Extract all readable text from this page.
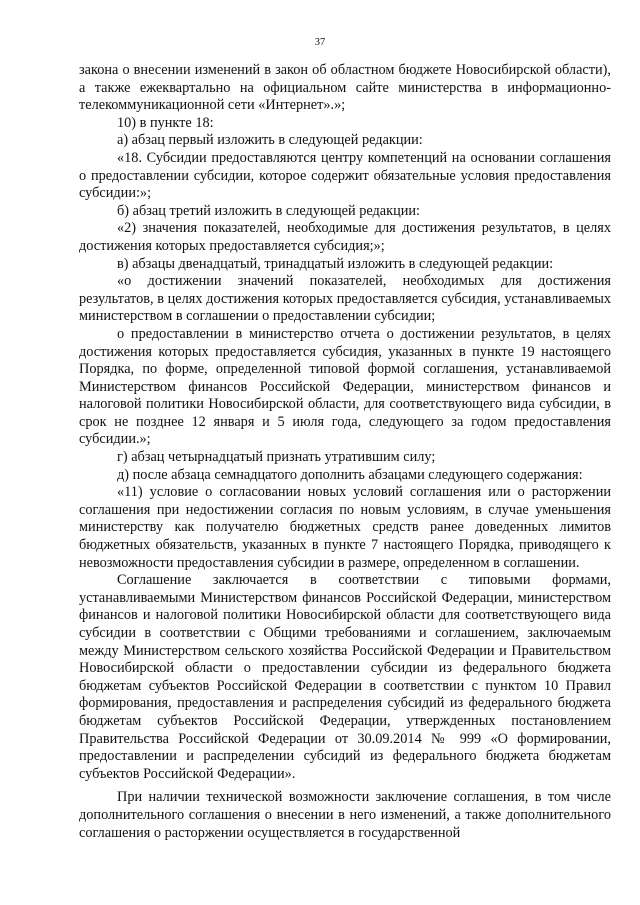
37

закона о внесении изменений в закон об областном бюджете Новосибирской области), а также ежеквартально на официальном сайте министерства в информационно-телекоммуникационной сети «Интернет».»;

10) в пункте 18:

а) абзац первый изложить в следующей редакции:

«18. Субсидии предоставляются центру компетенций на основании соглашения о предоставлении субсидии, которое содержит обязательные условия предоставления субсидии:»;

б) абзац третий изложить в следующей редакции:

«2) значения показателей, необходимые для достижения результатов, в целях достижения которых предоставляется субсидия;»;

в) абзацы двенадцатый, тринадцатый изложить в следующей редакции:

«о достижении значений показателей, необходимых для достижения результатов, в целях достижения которых предоставляется субсидия, устанавливаемых министерством в соглашении о предоставлении субсидии;

о предоставлении в министерство отчета о достижении результатов, в целях достижения которых предоставляется субсидия, указанных в пункте 19 настоящего Порядка, по форме, определенной типовой формой соглашения, устанавливаемой Министерством финансов Российской Федерации, министерством финансов и налоговой политики Новосибирской области, для соответствующего вида субсидии, в срок не позднее 12 января и 5 июля года, следующего за годом предоставления субсидии.»;

г) абзац четырнадцатый признать утратившим силу;

д) после абзаца семнадцатого дополнить абзацами следующего содержания:

«11) условие о согласовании новых условий соглашения или о расторжении соглашения при недостижении согласия по новым условиям, в случае уменьшения министерству как получателю бюджетных средств ранее доведенных лимитов бюджетных обязательств, указанных в пункте 7 настоящего Порядка, приводящего к невозможности предоставления субсидии в размере, определенном в соглашении.

Соглашение заключается в соответствии с типовыми формами, устанавливаемыми Министерством финансов Российской Федерации, министерством финансов и налоговой политики Новосибирской области для соответствующего вида субсидии в соответствии с Общими требованиями и соглашением, заключаемым между Министерством сельского хозяйства Российской Федерации и Правительством Новосибирской области о предоставлении субсидии из федерального бюджета бюджетам субъектов Российской Федерации в соответствии с пунктом 10 Правил формирования, предоставления и распределения субсидий из федерального бюджета бюджетам субъектов Российской Федерации, утвержденных постановлением Правительства Российской Федерации от 30.09.2014 № 999 «О формировании, предоставлении и распределении субсидий из федерального бюджета бюджетам субъектов Российской Федерации».

При наличии технической возможности заключение соглашения, в том числе дополнительного соглашения о внесении в него изменений, а также дополнительного соглашения о расторжении осуществляется в государственной
